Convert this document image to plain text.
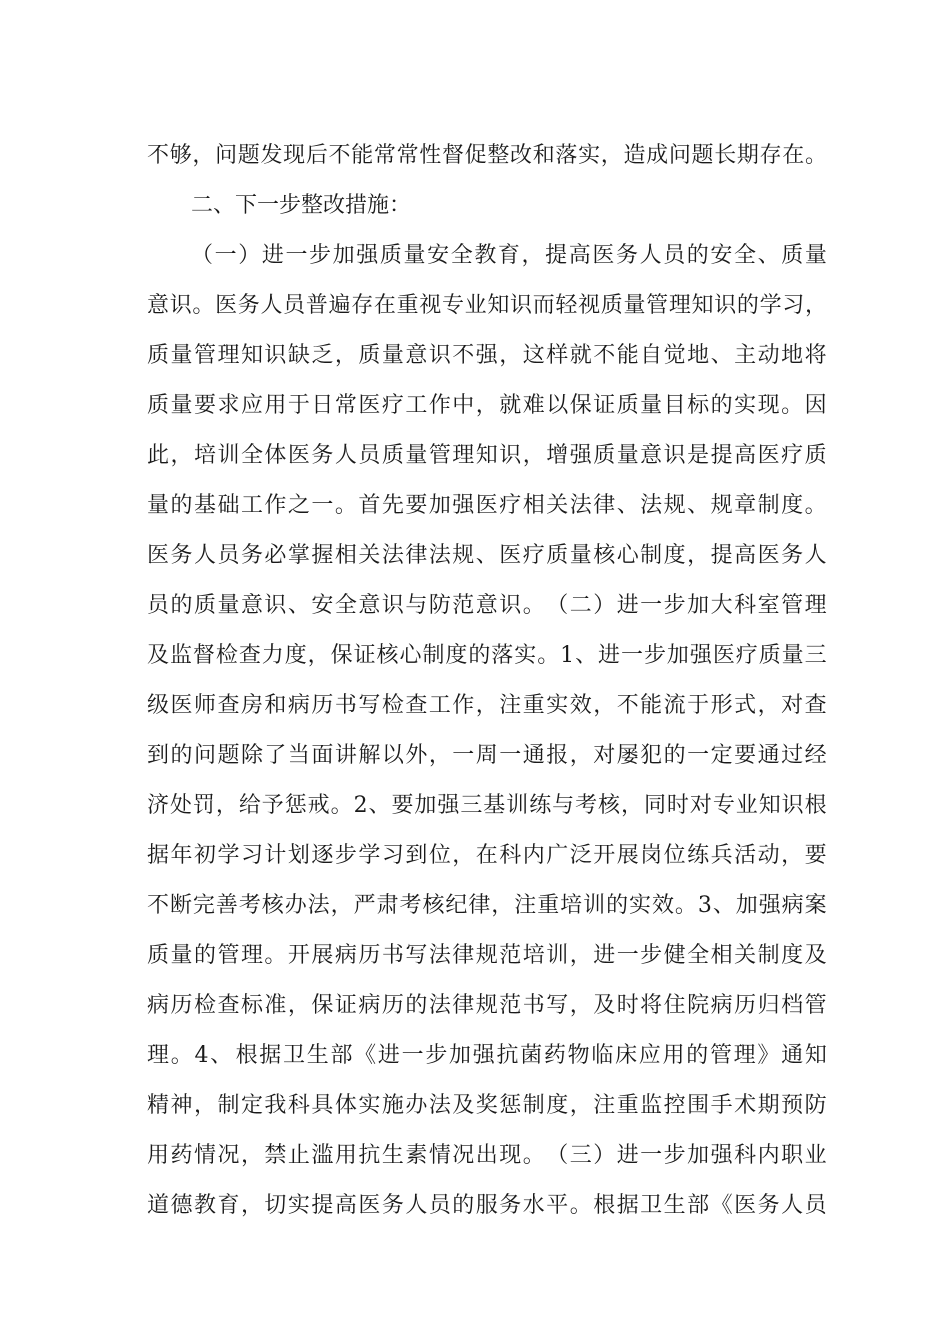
不 够 ， 问 题 发 现 后 不 能 常 常 性 督 促 整 改 和 落 实 ， 造 成 问 题 长 期 存 在 。
二、下一步整改措施：
（ 一 ） 进 一 步 加 强 质 量 安 全 教 育 ， 提 高 医 务 人 员 的 安 全 、 质 量
意 识 。 医 务 人 员 普 遍 存 在 重 视 专 业 知 识 而 轻 视 质 量 管 理 知 识 的 学 习 ，
质 量 管 理 知 识 缺 乏 ， 质 量 意 识 不 强 ， 这 样 就 不 能 自 觉 地 、 主 动 地 将
质 量 要 求 应 用 于 日 常 医 疗 工 作 中 ， 就 难 以 保 证 质 量 目 标 的 实 现 。 因
此 ， 培 训 全 体 医 务 人 员 质 量 管 理 知 识 ， 增 强 质 量 意 识 是 提 高 医 疗 质
量 的 基 础 工 作 之 一 。 首 先 要 加 强 医 疗 相 关 法 律 、 法 规 、 规 章 制 度 。
医 务 人 员 务 必 掌 握 相 关 法 律 法 规 、 医 疗 质 量 核 心 制 度 ， 提 高 医 务 人
员 的 质 量 意 识 、 安 全 意 识 与 防 范 意 识 。 （ 二 ） 进 一 步 加 大 科 室 管 理
及 监 督 检 查 力 度 ， 保 证 核 心 制 度 的 落 实 。 1 、 进 一 步 加 强 医 疗 质 量 三
级 医 师 查 房 和 病 历 书 写 检 查 工 作 ， 注 重 实 效 ， 不 能 流 于 形 式 ， 对 查
到 的 问 题 除 了 当 面 讲 解 以 外 ， 一 周 一 通 报 ， 对 屡 犯 的 一 定 要 通 过 经
济 处 罚 ， 给 予 惩 戒 。 2 、 要 加 强 三 基 训 练 与 考 核 ， 同 时 对 专 业 知 识 根
据 年 初 学 习 计 划 逐 步 学 习 到 位 ， 在 科 内 广 泛 开 展 岗 位 练 兵 活 动 ， 要
不 断 完 善 考 核 办 法 ， 严 肃 考 核 纪 律 ， 注 重 培 训 的 实 效 。 3 、 加 强 病 案
质 量 的 管 理 。 开 展 病 历 书 写 法 律 规 范 培 训 ， 进 一 步 健 全 相 关 制 度 及
病 历 检 查 标 准 ， 保 证 病 历 的 法 律 规 范 书 写 ， 及 时 将 住 院 病 历 归 档 管
理 。 4 、 根 据 卫 生 部 《 进 一 步 加 强 抗 菌 药 物 临 床 应 用 的 管 理 》 通 知
精 神 ， 制 定 我 科 具 体 实 施 办 法 及 奖 惩 制 度 ， 注 重 监 控 围 手 术 期 预 防
用 药 情 况 ， 禁 止 滥 用 抗 生 素 情 况 出 现 。 （ 三 ） 进 一 步 加 强 科 内 职 业
道 德 教 育 ， 切 实 提 高 医 务 人 员 的 服 务 水 平 。 根 据 卫 生 部 《 医 务 人 员
